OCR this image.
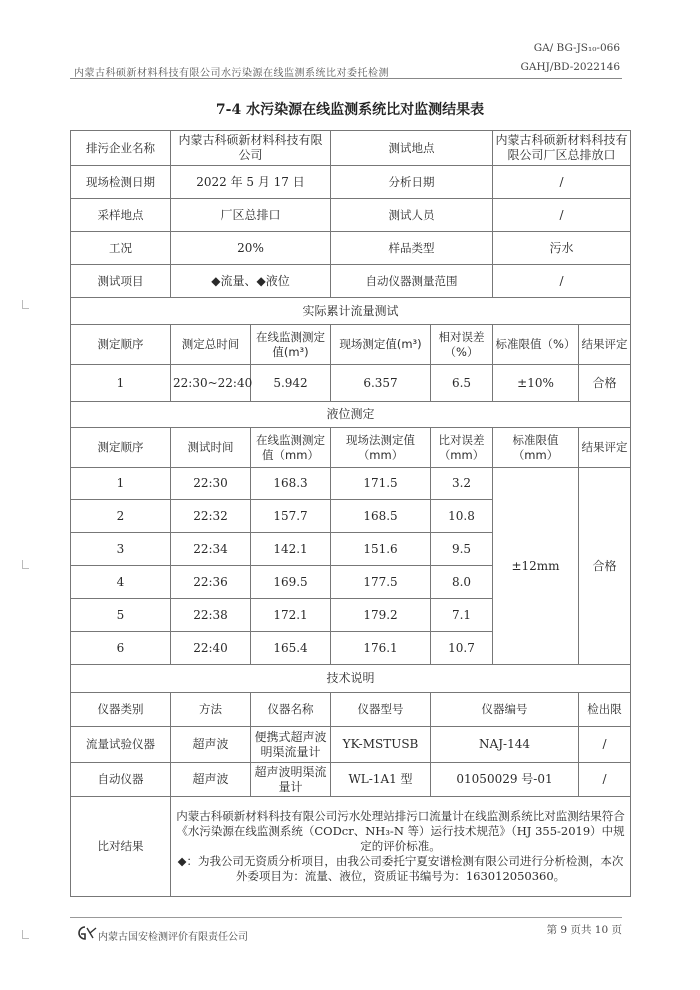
GA/ BG-JS₁₀-066
GAHJ/BD-2022146
内蒙古科硕新材料科技有限公司水污染源在线监测系统比对委托检测
7-4 水污染源在线监测系统比对监测结果表
排污企业名称	内蒙古科硕新材料科技有限公司		测试地点		内蒙古科硕新材料科技有限公司厂区总排放口	
现场检测日期	2022 年 5 月 17 日		分析日期		/	
采样地点	厂区总排口		测试人员		/	
工况	20%		样品类型		污水	
测试项目	◆流量、◆液位		自动仪器测量范围		/	
实际累计流量测试						
测定顺序	测定总时间	在线监测测定值(m³)	现场测定值(m³)	相对误差（%）	标准限值（%）	结果评定
1	22:30~22:40	5.942	6.357	6.5	±10%	合格
液位测定						
测定顺序	测试时间	在线监测测定值（mm）	现场法测定值（mm）	比对误差（mm）	标准限值（mm）	结果评定
1	22:30	168.3	171.5	3.2	±12mm	合格
2	22:32	157.7	168.5	10.8		
3	22:34	142.1	151.6	9.5		
4	22:36	169.5	177.5	8.0		
5	22:38	172.1	179.2	7.1		
6	22:40	165.4	176.1	10.7		
技术说明						
仪器类别	方法	仪器名称	仪器型号	仪器编号		检出限
流量试验仪器	超声波	便携式超声波明渠流量计	YK-MSTUSB	NAJ-144		/
自动仪器	超声波	超声波明渠流量计	WL-1A1 型	01050029 号-01		/
比对结果	内蒙古科硕新材料科技有限公司污水处理站排污口流量计在线监测系统比对监测结果符合《水污染源在线监测系统（CODcr、NH₃-N 等）运行技术规范》（HJ 355-2019）中规定的评价标准。

◆：为我公司无资质分析项目，由我公司委托宁夏安谱检测有限公司进行分析检测，本次外委项目为：流量、液位，资质证书编号为：163012050360。					

内蒙古国安检测评价有限责任公司
第 9 页共 10 页
